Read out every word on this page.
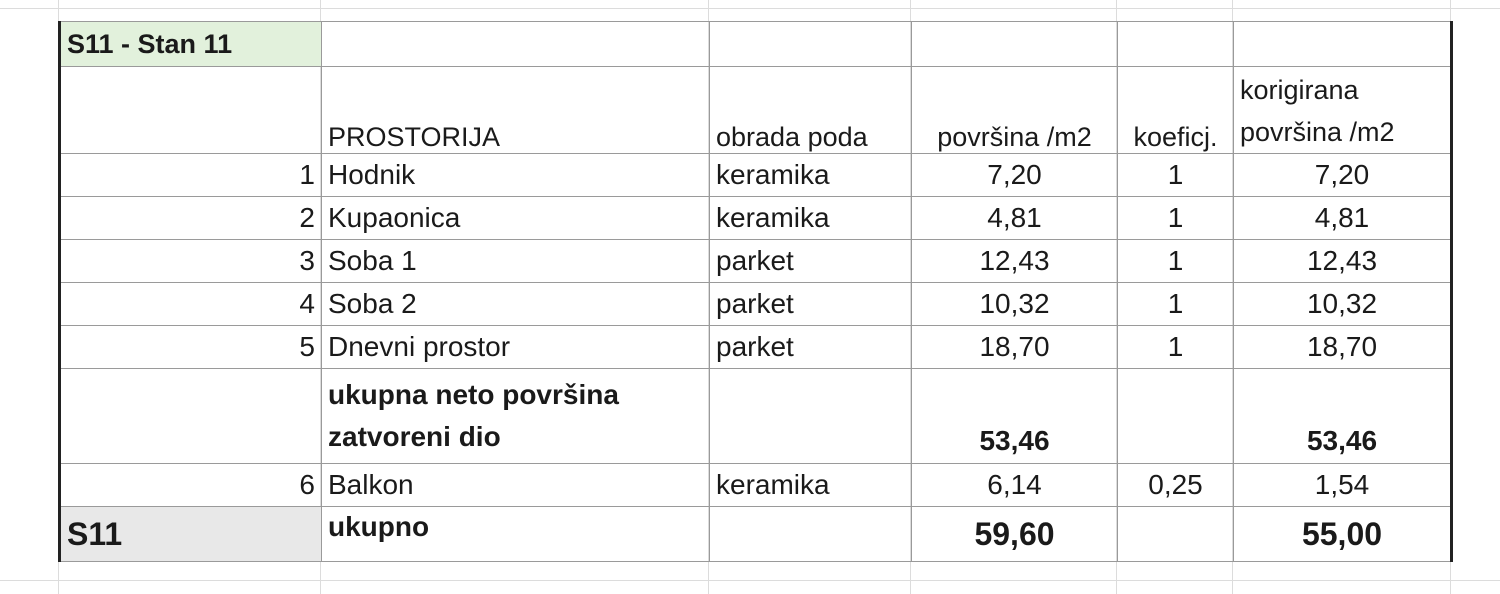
S11 - Stan 11					
	PROSTORIJA	obrada poda	površina /m2	koeficj.	korigirana
površina /m2
1	Hodnik	keramika	7,20	1	7,20
2	Kupaonica	keramika	4,81	1	4,81
3	Soba 1	parket	12,43	1	12,43
4	Soba 2	parket	10,32	1	10,32
5	Dnevni prostor	parket	18,70	1	18,70
	ukupna neto površina
zatvoreni dio		53,46		53,46
6	Balkon	keramika	6,14	0,25	1,54
S11	ukupno		59,60		55,00
